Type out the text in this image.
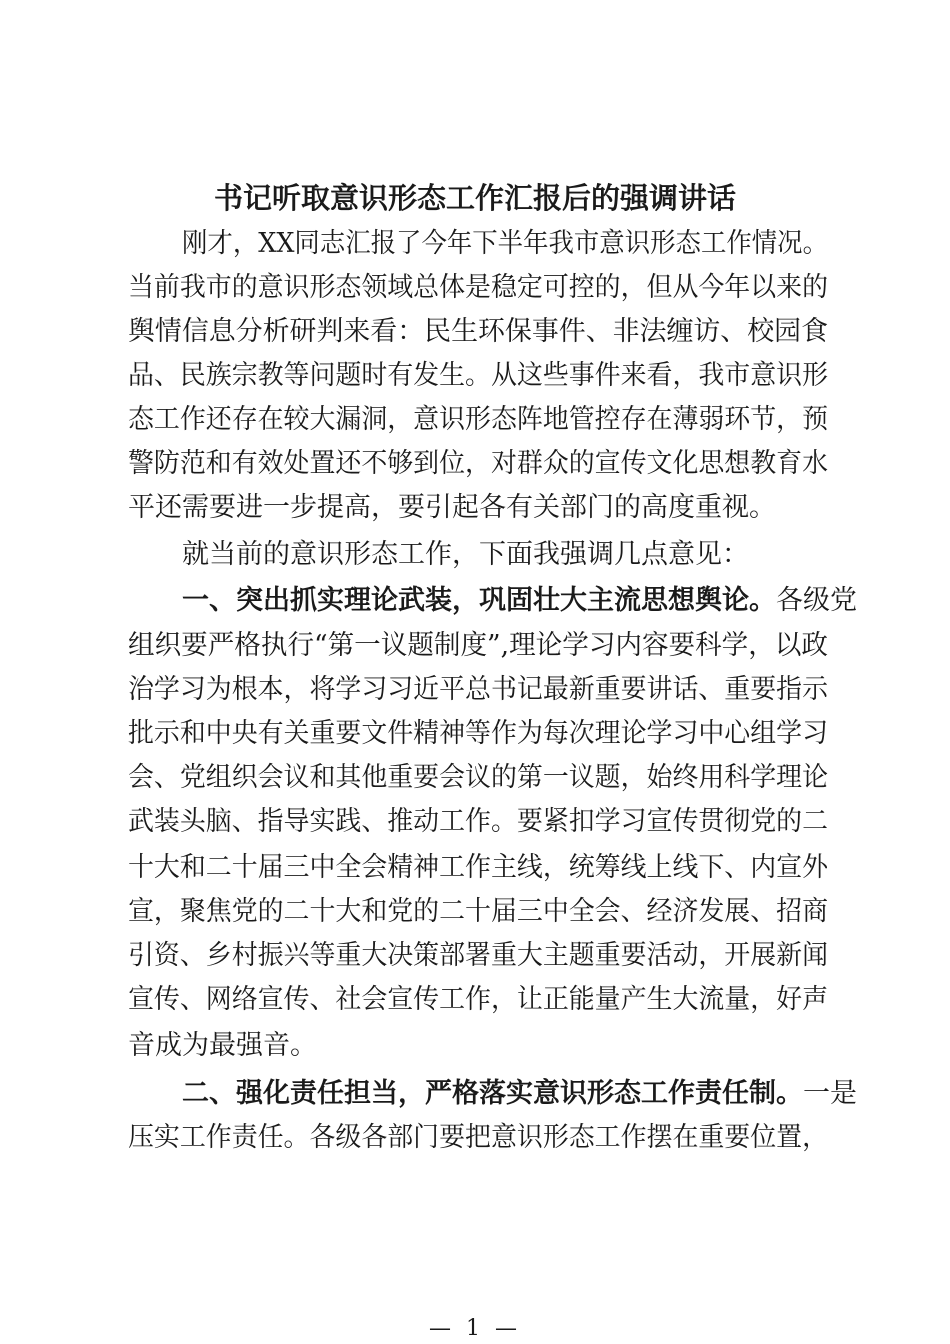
书记听取意识形态工作汇报后的强调讲话
刚才，XX同志汇报了今年下半年我市意识形态工作情况。
当前我市的意识形态领域总体是稳定可控的，但从今年以来的
舆情信息分析研判来看：民生环保事件、非法缠访、校园食
品、民族宗教等问题时有发生。从这些事件来看，我市意识形
态工作还存在较大漏洞，意识形态阵地管控存在薄弱环节，预
警防范和有效处置还不够到位，对群众的宣传文化思想教育水
平还需要进一步提高，要引起各有关部门的高度重视。
就当前的意识形态工作，下面我强调几点意见：
一、突出抓实理论武装，巩固壮大主流思想舆论。 各级党
组织要严格执行“第一议题制度”,理论学习内容要科学，以政
治学习为根本，将学习习近平总书记最新重要讲话、重要指示
批示和中央有关重要文件精神等作为每次理论学习中心组学习
会、党组织会议和其他重要会议的第一议题，始终用科学理论
武装头脑、指导实践、推动工作。要紧扣学习宣传贯彻党的二
十大和二十届三中全会精神工作主线，统筹线上线下、内宣外
宣，聚焦党的二十大和党的二十届三中全会、经济发展、招商
引资、乡村振兴等重大决策部署重大主题重要活动，开展新闻
宣传、网络宣传、社会宣传工作，让正能量产生大流量，好声
音成为最强音。
二、强化责任担当，严格落实意识形态工作责任制。 一是
压实工作责任。各级各部门要把意识形态工作摆在重要位置，
— 1 —
